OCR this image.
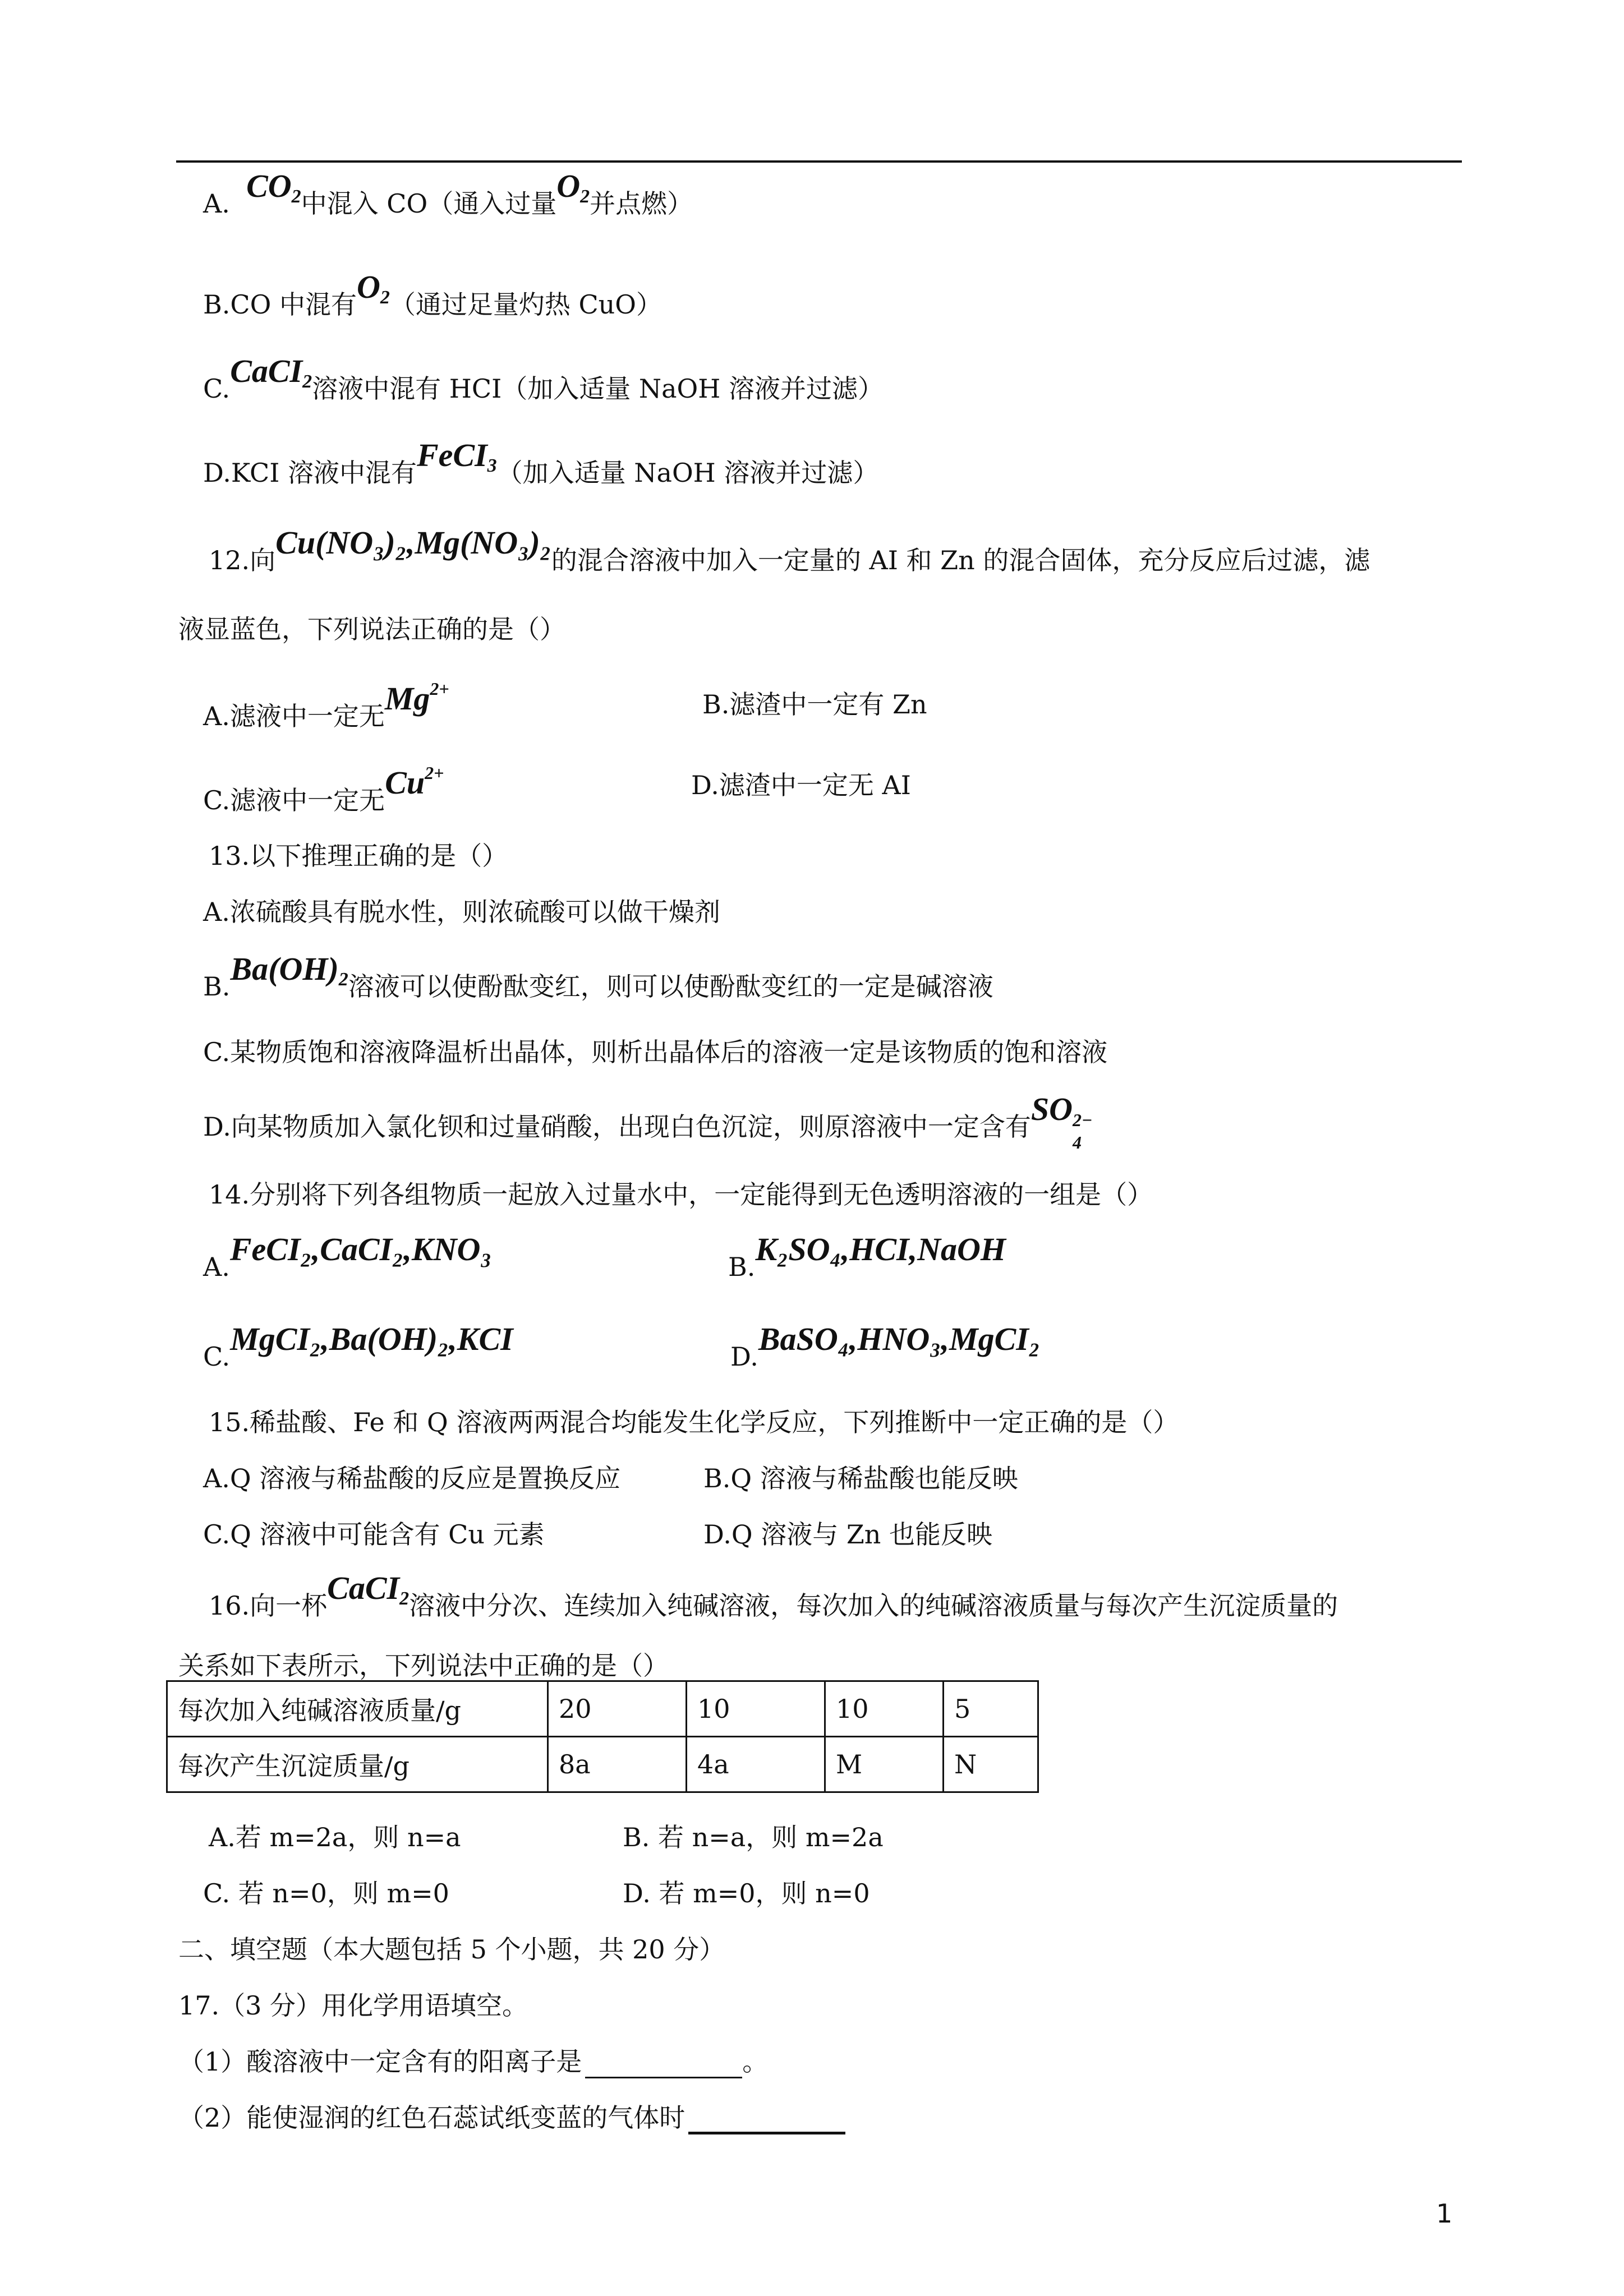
A. $CO_2$中混入 CO（通入过量$O_2$并点燃）
B.CO 中混有$O_2$（通过足量灼热 CuO）
C.CaCI$_2$溶液中混有 HCI（加入适量 NaOH 溶液并过滤）
D.KCI 溶液中混有FeCI$_3$（加入适量 NaOH 溶液并过滤）
12.向Cu(NO₃)₂,Mg(NO₃)₂的混合溶液中加入一定量的 AI 和 Zn 的混合固体，充分反应后过滤，滤
液显蓝色，下列说法正确的是（）
A.滤液中一定无$Mg^{2+}$
B.滤渣中一定有 Zn
C.滤液中一定无$Cu^{2+}$	D.滤渣中一定无 AI
13.以下推理正确的是（）
A.浓硫酸具有脱水性，则浓硫酸可以做干燥剂
$B.Ba(OH)_2$溶液可以使酚酞变红，则可以使酚酞变红的一定是碱溶液
C.某物质饱和溶液降温析出晶体，则析出晶体后的溶液一定是该物质的饱和溶液
D.向某物质加入氯化钡和过量硝酸，出现白色沉淀，则原溶液中一定含有SO 2−
4
14.分别将下列各组物质一起放入过量水中，一定能得到无色透明溶液的一组是（）
A.FeCI₂,CaCI₂,KNO₃	B.K₂SO₄,HCI,NaOH
C.MgCI₂,Ba(OH)₂,KCI	D.BaSO₄,HNO₃,MgCI₂
15.稀盐酸、Fe 和 Q 溶液两两混合均能发生化学反应，下列推断中一定正确的是（）
A.Q 溶液与稀盐酸的反应是置换反应	B.Q 溶液与稀盐酸也能反映
C.Q 溶液中可能含有 Cu 元素	D.Q 溶液与 Zn 也能反映
16.向一杯CaCI$_2$溶液中分次、连续加入纯碱溶液，每次加入的纯碱溶液质量与每次产生沉淀质量的
关系如下表所示，下列说法中正确的是（）
每次加入纯碱溶液质量/g	20	10	10	5
每次产生沉淀质量/g	8a	4a	M	N
A.若 m=2a，则 n=a	B. 若 n=a，则 m=2a
C. 若 n=0，则 m=0	D. 若 m=0，则 n=0
二、填空题（本大题包括 5 个小题，共 20 分）
17.（3 分）用化学用语填空。
（1）酸溶液中一定含有的阳离子是	。
（2）能使湿润的红色石蕊试纸变蓝的气体时
1
